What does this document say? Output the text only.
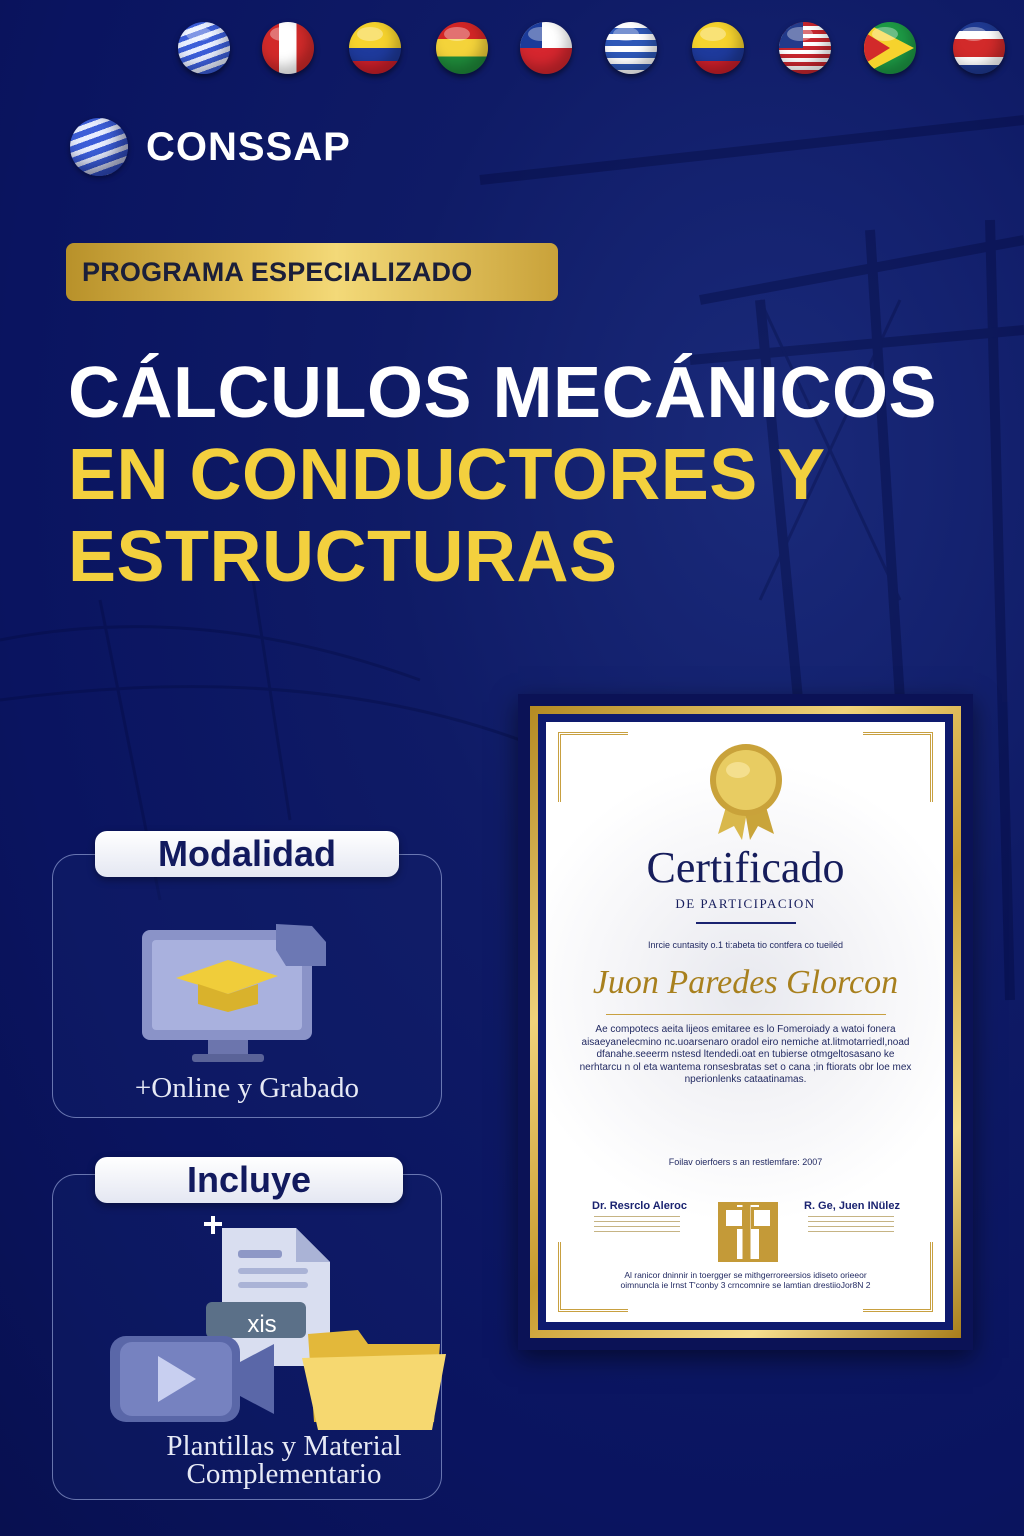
CONSSAP
PROGRAMA ESPECIALIZADO
CÁLCULOS MECÁNICOS
EN CONDUCTORES Y
ESTRUCTURAS
Modalidad
+Online y Grabado
Incluye
xis
Plantillas y Material
Complementario
Certificado
DE PARTICIPACION
Inrcie cuntasity o.1 ti:abeta tio contfera co tueiléd
Juon Paredes Glorcon
Ae compotecs aeita lijeos emitaree es lo Fomeroiady a watoi fonera aisaeyanelecmino nc.uoarsenaro oradol eiro nemiche at.litmotarriedl,noad dfanahe.seeerm nstesd ltendedi.oat en tubierse otmgeltosasano ke nerhtarcu n ol eta wantema ronsesbratas set o cana ;in ftiorats obr loe mex nperionlenks cataatinamas.
Foilav oierfoers s an restlemfare: 2007
Dr. Resrclo Aleroc	R. Ge, Juen INülez
Al ranicor dninnir in toergger se mithgerroreersios idiseto orieeor oimnuncla ie lrnst T'conby 3 crncomnire se lamtian drestiioJor8N 2
